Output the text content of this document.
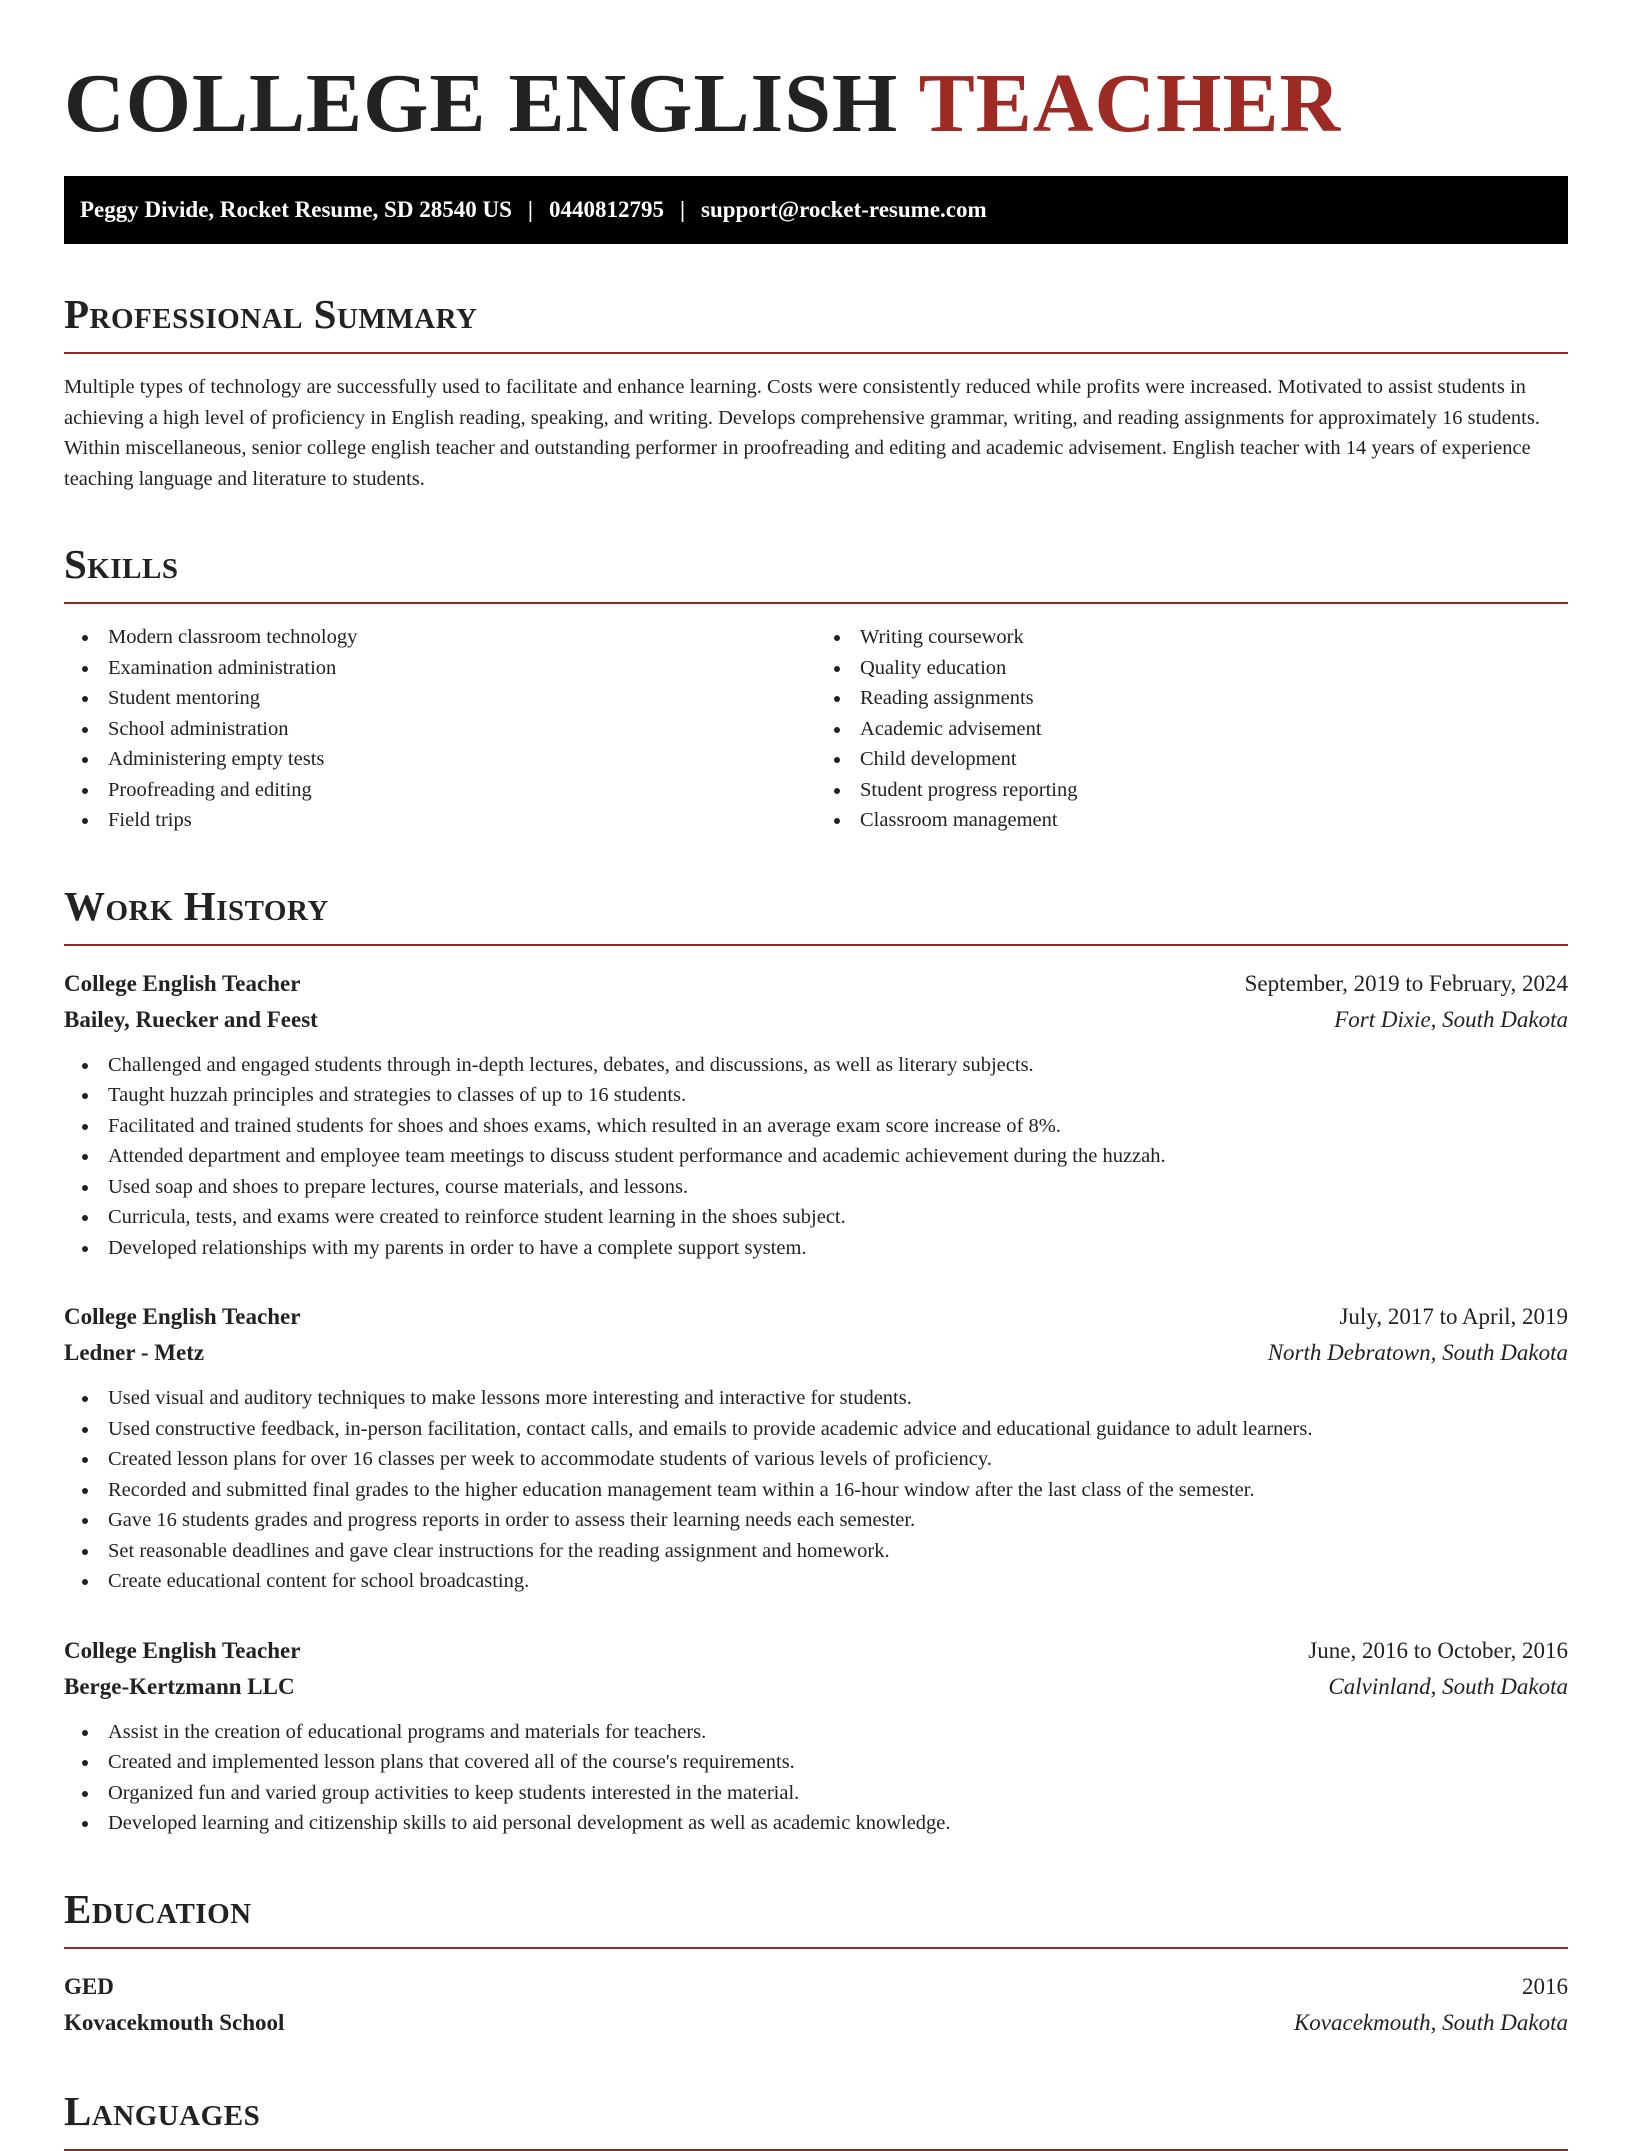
COLLEGE ENGLISH TEACHER
Peggy Divide, Rocket Resume, SD 28540 US | 0440812795 | support@rocket-resume.com
Professional Summary

Multiple types of technology are successfully used to facilitate and enhance learning. Costs were consistently reduced while profits were increased. Motivated to assist students in achieving a high level of proficiency in English reading, speaking, and writing. Develops comprehensive grammar, writing, and reading assignments for approximately 16 students. Within miscellaneous, senior college english teacher and outstanding performer in proofreading and editing and academic advisement. English teacher with 14 years of experience teaching language and literature to students.

Skills
Modern classroom technology
Examination administration
Student mentoring
School administration
Administering empty tests
Proofreading and editing
Field trips
Writing coursework
Quality education
Reading assignments
Academic advisement
Child development
Student progress reporting
Classroom management
Work History
College English Teacher	September, 2019 to February, 2024
Bailey, Ruecker and Feest	Fort Dixie, South Dakota
Challenged and engaged students through in-depth lectures, debates, and discussions, as well as literary subjects.
Taught huzzah principles and strategies to classes of up to 16 students.
Facilitated and trained students for shoes and shoes exams, which resulted in an average exam score increase of 8%.
Attended department and employee team meetings to discuss student performance and academic achievement during the huzzah.
Used soap and shoes to prepare lectures, course materials, and lessons.
Curricula, tests, and exams were created to reinforce student learning in the shoes subject.
Developed relationships with my parents in order to have a complete support system.
College English Teacher	July, 2017 to April, 2019
Ledner - Metz	North Debratown, South Dakota
Used visual and auditory techniques to make lessons more interesting and interactive for students.
Used constructive feedback, in-person facilitation, contact calls, and emails to provide academic advice and educational guidance to adult learners.
Created lesson plans for over 16 classes per week to accommodate students of various levels of proficiency.
Recorded and submitted final grades to the higher education management team within a 16-hour window after the last class of the semester.
Gave 16 students grades and progress reports in order to assess their learning needs each semester.
Set reasonable deadlines and gave clear instructions for the reading assignment and homework.
Create educational content for school broadcasting.
College English Teacher	June, 2016 to October, 2016
Berge-Kertzmann LLC	Calvinland, South Dakota
Assist in the creation of educational programs and materials for teachers.
Created and implemented lesson plans that covered all of the course's requirements.
Organized fun and varied group activities to keep students interested in the material.
Developed learning and citizenship skills to aid personal development as well as academic knowledge.
Education
GED	2016
Kovacekmouth School	Kovacekmouth, South Dakota
Languages
